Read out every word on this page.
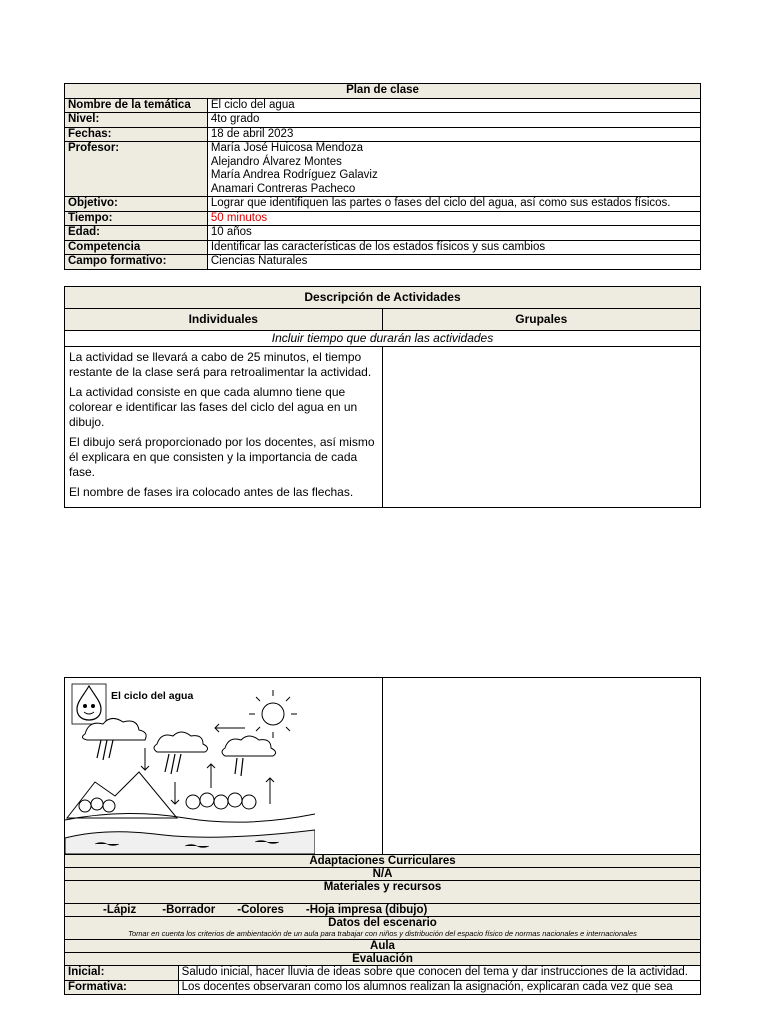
Plan de clase	
Nombre de la temática	El ciclo del agua
Nivel:	4to grado
Fechas:	18 de abril 2023
Profesor:	María José Huicosa Mendoza
Alejandro Álvarez Montes
María Andrea Rodríguez Galaviz
Anamari Contreras Pacheco

Objetivo:	Lograr que identifiquen las partes o fases del ciclo del agua, así como sus estados físicos.
Tiempo:	50 minutos
Edad:	10 años
Competencia	Identificar las características de los estados físicos y sus cambios
Campo formativo:	Ciencias Naturales
Descripción de Actividades	
Individuales	Grupales
Incluir tiempo que durarán las actividades	

La actividad se llevará a cabo de 25 minutos, el tiempo restante de la clase será para retroalimentar la actividad.

La actividad consiste en que cada alumno tiene que colorear e identificar las fases del ciclo del agua en un dibujo.

El dibujo será proporcionado por los docentes, así mismo él explicara en que consisten y la importancia de cada fase.

El nombre de fases ira colocado antes de las flechas.	

El ciclo del agua		

Adaptaciones Curriculares		
N/A		
Materiales y recursos		
-Lápiz -Borrador -Colores -Hoja impresa (dibujo)		

Datos del escenario
Tomar en cuenta los criterios de ambientación de un aula para trabajar con niños y distribución del espacio físico de normas nacionales e internacionales		

Aula		
Evaluación		
Inicial:	Saludo inicial, hacer lluvia de ideas sobre que conocen del tema y dar instrucciones de la actividad.	
Formativa:	Los docentes observaran como los alumnos realizan la asignación, explicaran cada vez que sea	
